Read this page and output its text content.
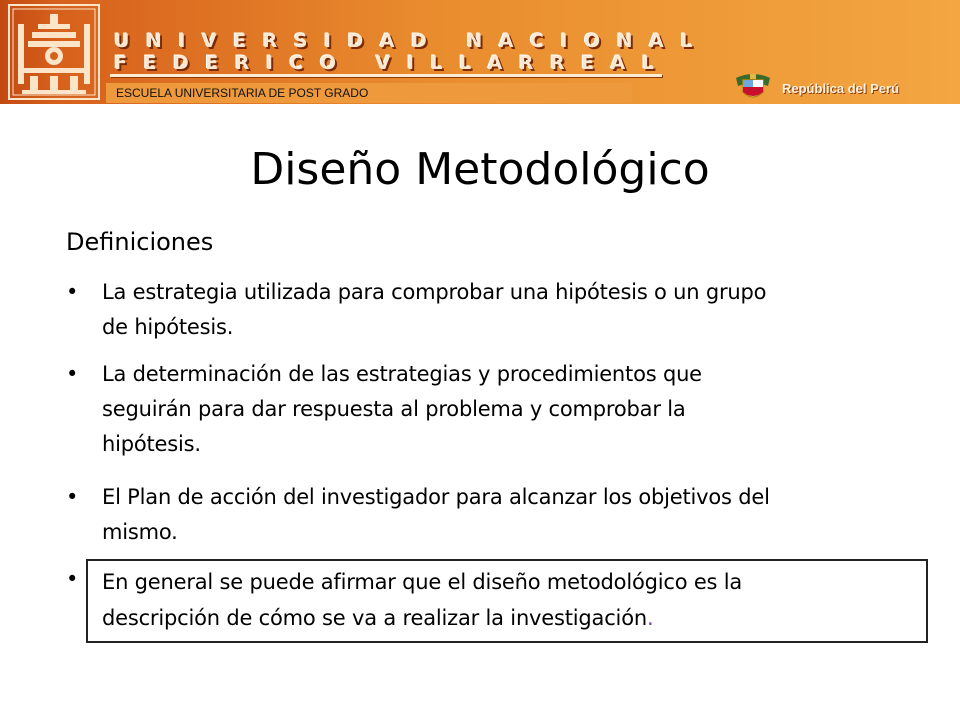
UNIVERSIDAD NACIONAL
FEDERICO VILLARREAL
ESCUELA UNIVERSITARIA DE POST GRADO	República del Perú
Diseño Metodológico
Definiciones
• La estrategia utilizada para comprobar una hipótesis o un grupo
de hipótesis.
• La determinación de las estrategias y procedimientos que
seguirán para dar respuesta al problema y comprobar la
hipótesis.
• El Plan de acción del investigador para alcanzar los objetivos del
mismo.
• En general se puede afirmar que el diseño metodológico es la
descripción de cómo se va a realizar la investigación.
